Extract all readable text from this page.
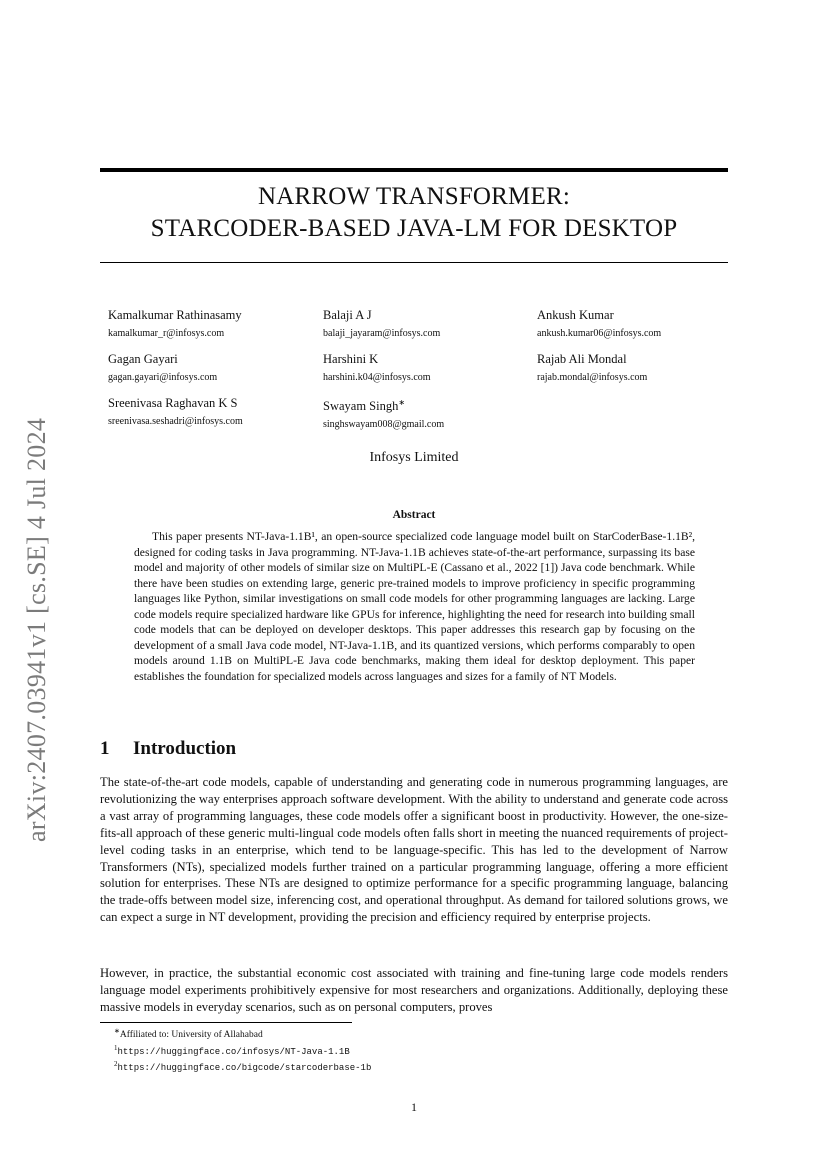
arXiv:2407.03941v1 [cs.SE] 4 Jul 2024
NARROW TRANSFORMER:
STARCODER-BASED JAVA-LM FOR DESKTOP
Kamalkumar Rathinasamy
kamalkumar_r@infosys.com
Balaji A J
balaji_jayaram@infosys.com
Ankush Kumar
ankush.kumar06@infosys.com
Gagan Gayari
gagan.gayari@infosys.com
Harshini K
harshini.k04@infosys.com
Rajab Ali Mondal
rajab.mondal@infosys.com
Sreenivasa Raghavan K S
sreenivasa.seshadri@infosys.com
Swayam Singh∗
singhswayam008@gmail.com
Infosys Limited
Abstract

This paper presents NT-Java-1.1B¹, an open-source specialized code language model built on StarCoderBase-1.1B², designed for coding tasks in Java programming. NT-Java-1.1B achieves state-of-the-art performance, surpassing its base model and majority of other models of similar size on MultiPL-E (Cassano et al., 2022 [1]) Java code benchmark. While there have been studies on extending large, generic pre-trained models to improve proficiency in specific programming languages like Python, similar investigations on small code models for other programming languages are lacking. Large code models require specialized hardware like GPUs for inference, highlighting the need for research into building small code models that can be deployed on developer desktops. This paper addresses this research gap by focusing on the development of a small Java code model, NT-Java-1.1B, and its quantized versions, which performs comparably to open models around 1.1B on MultiPL-E Java code benchmarks, making them ideal for desktop deployment. This paper establishes the foundation for specialized models across languages and sizes for a family of NT Models.

1 Introduction

The state-of-the-art code models, capable of understanding and generating code in numerous programming languages, are revolutionizing the way enterprises approach software development. With the ability to understand and generate code across a vast array of programming languages, these code models offer a significant boost in productivity. However, the one-size-fits-all approach of these generic multi-lingual code models often falls short in meeting the nuanced requirements of project-level coding tasks in an enterprise, which tend to be language-specific. This has led to the development of Narrow Transformers (NTs), specialized models further trained on a particular programming language, offering a more efficient solution for enterprises. These NTs are designed to optimize performance for a specific programming language, balancing the trade-offs between model size, inferencing cost, and operational throughput. As demand for tailored solutions grows, we can expect a surge in NT development, providing the precision and efficiency required by enterprise projects.

However, in practice, the substantial economic cost associated with training and fine-tuning large code models renders language model experiments prohibitively expensive for most researchers and organizations. Additionally, deploying these massive models in everyday scenarios, such as on personal computers, proves

∗Affiliated to: University of Allahabad
$^1$https://huggingface.co/infosys/NT-Java-1.1B
$^2$https://huggingface.co/bigcode/starcoderbase-1b
1
